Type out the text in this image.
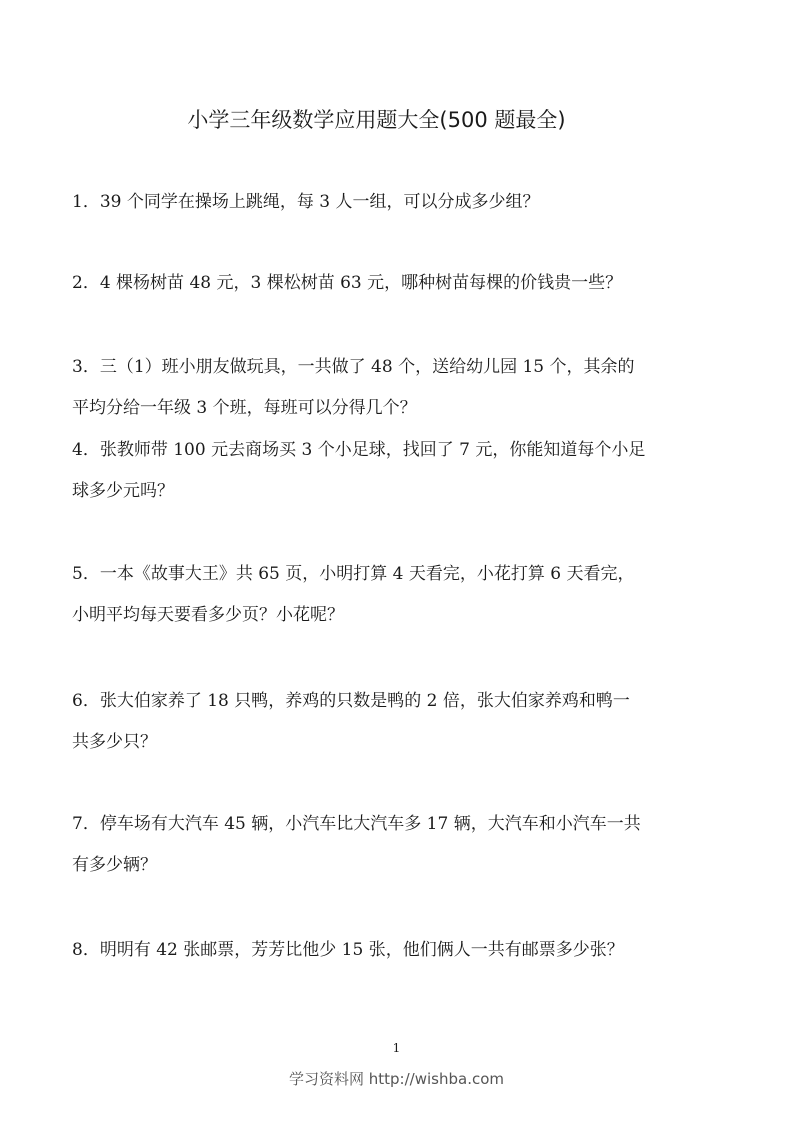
小学三年级数学应用题大全(500 题最全)
1．39 个同学在操场上跳绳，每 3 人一组，可以分成多少组？
2．4 棵杨树苗 48 元，3 棵松树苗 63 元，哪种树苗每棵的价钱贵一些？
3．三（1）班小朋友做玩具，一共做了 48 个，送给幼儿园 15 个，其余的
平均分给一年级 3 个班，每班可以分得几个？
4．张教师带 100 元去商场买 3 个小足球，找回了 7 元，你能知道每个小足
球多少元吗？
5．一本《故事大王》共 65 页，小明打算 4 天看完，小花打算 6 天看完，
小明平均每天要看多少页？小花呢？
6．张大伯家养了 18 只鸭，养鸡的只数是鸭的 2 倍，张大伯家养鸡和鸭一
共多少只？
7．停车场有大汽车 45 辆，小汽车比大汽车多 17 辆，大汽车和小汽车一共
有多少辆？
8．明明有 42 张邮票，芳芳比他少 15 张，他们俩人一共有邮票多少张？
1
学习资料网 http://wishba.com
